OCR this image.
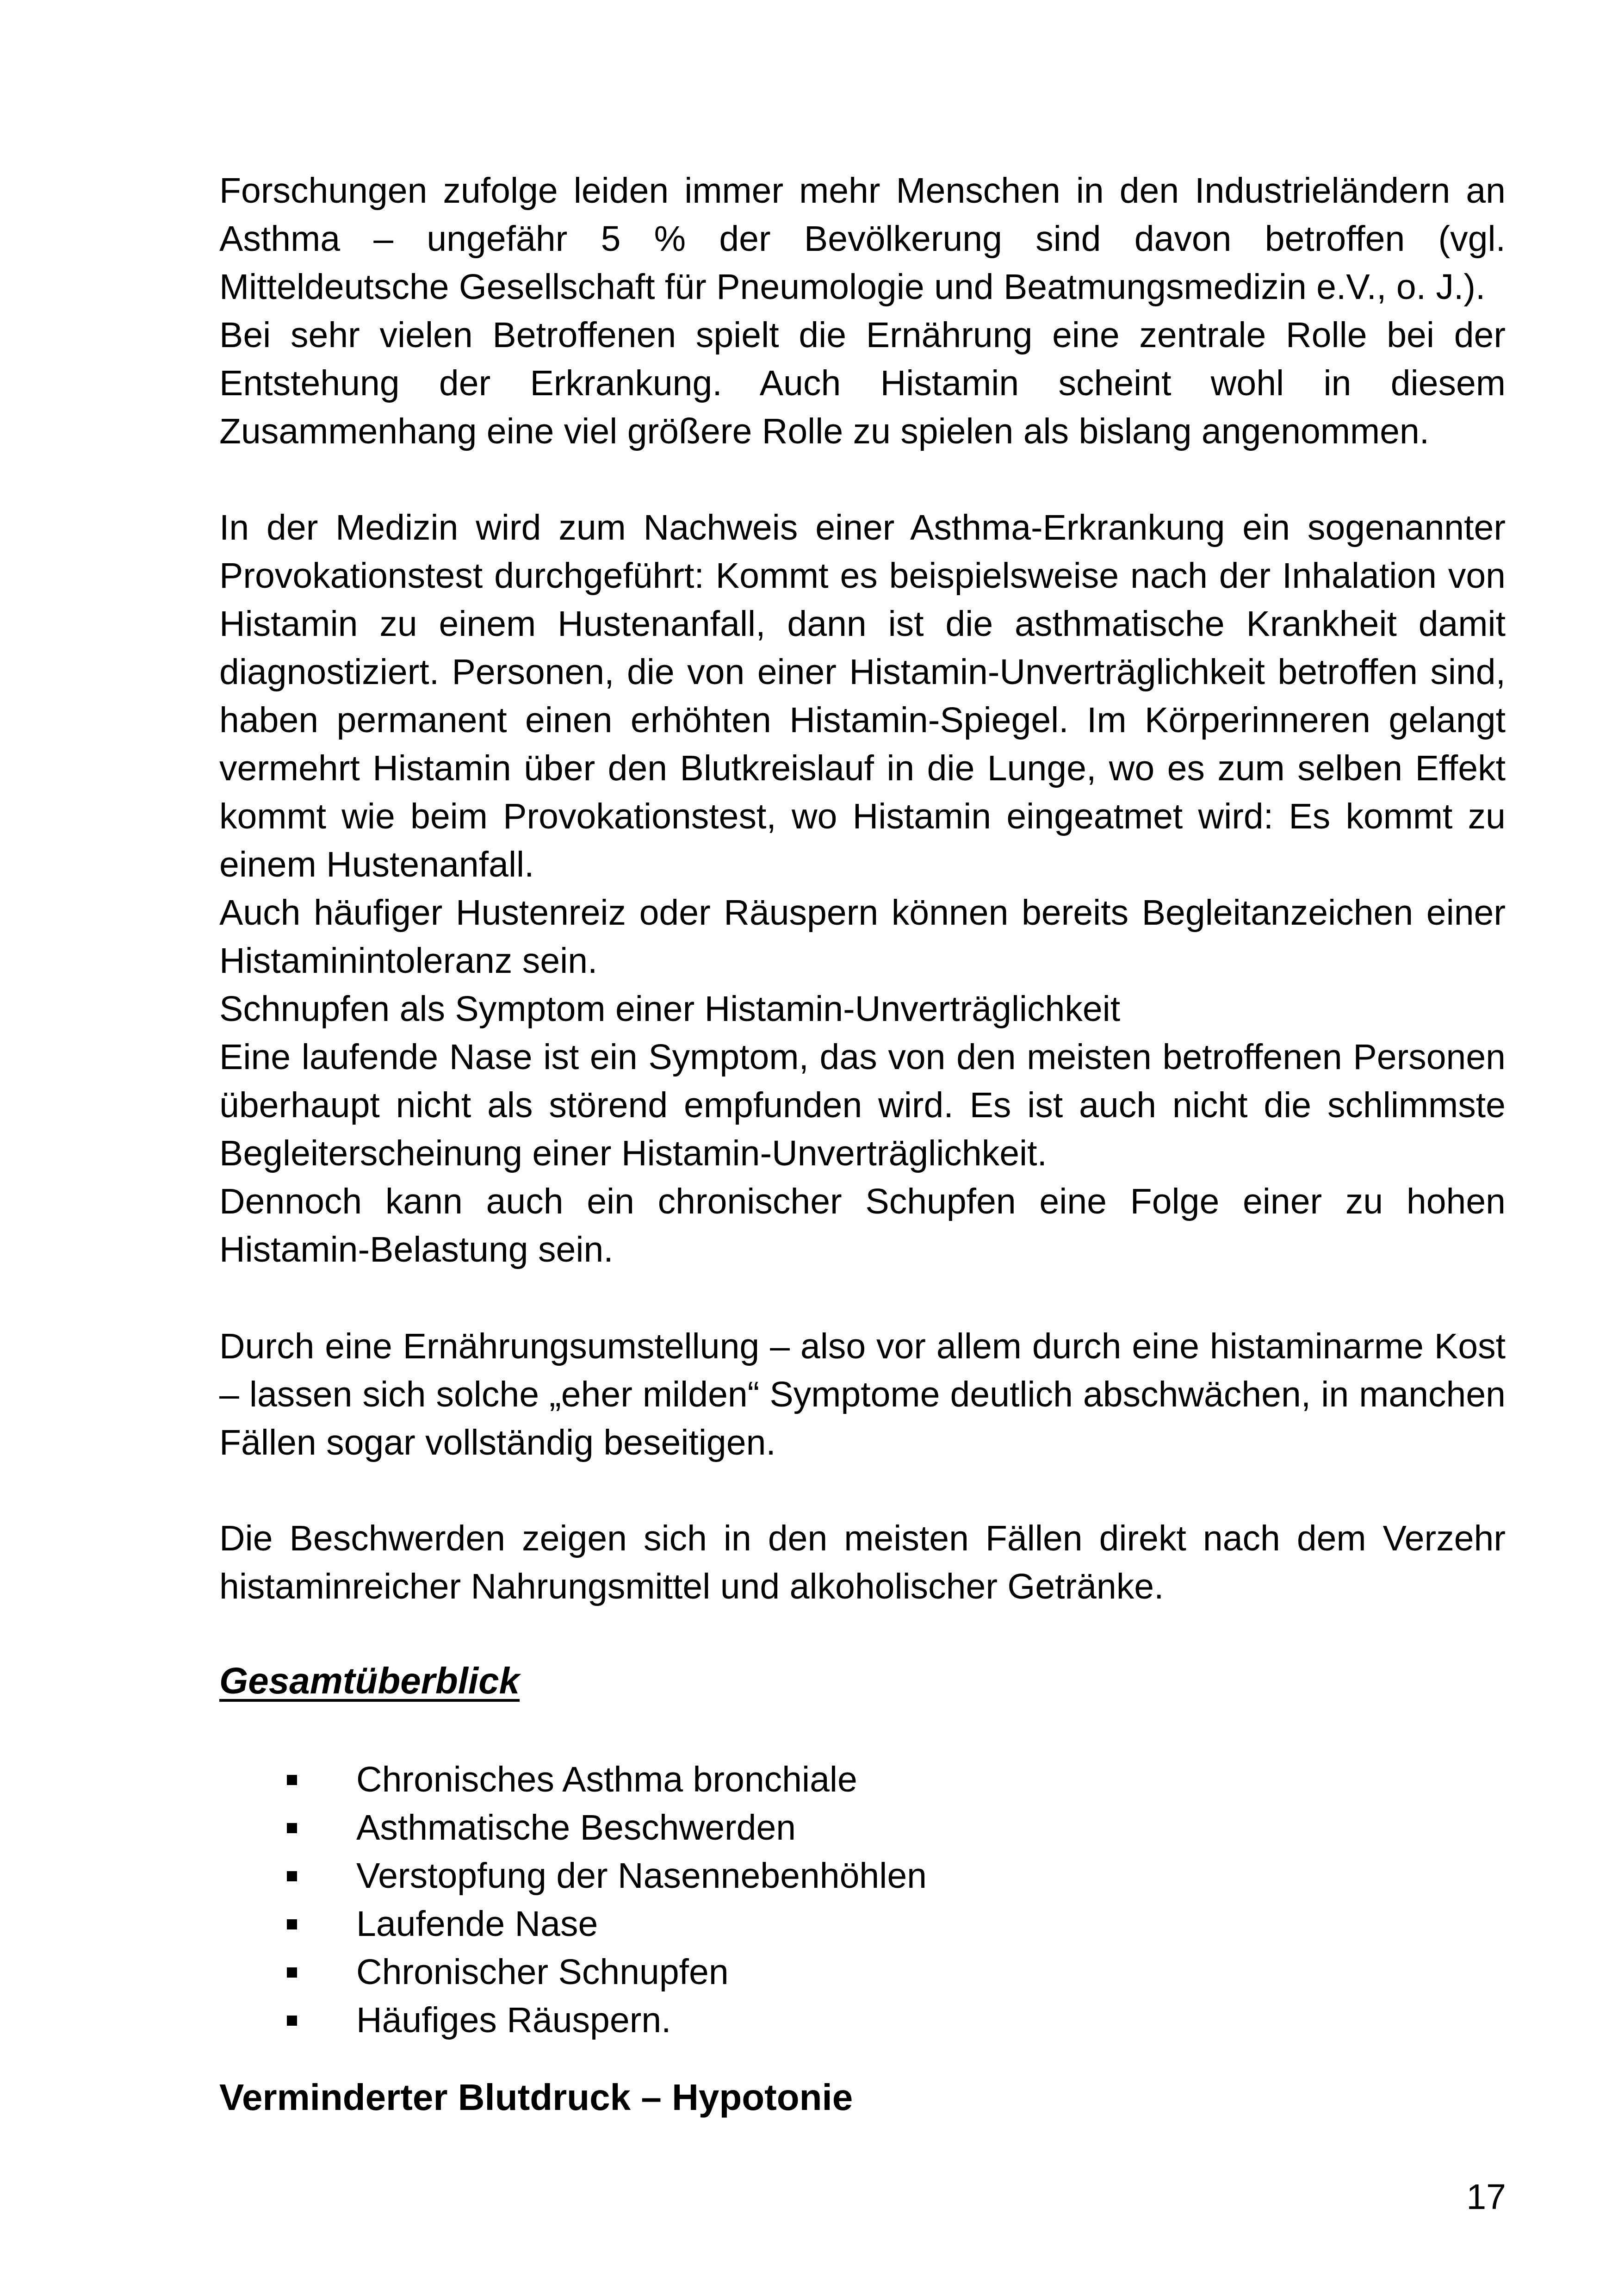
Forschungen zufolge leiden immer mehr Menschen in den Industrieländern an Asthma – ungefähr 5 % der Bevölkerung sind davon betroffen (vgl. Mitteldeutsche Gesellschaft für Pneumologie und Beatmungsmedizin e.V., o. J.).

Bei sehr vielen Betroffenen spielt die Ernährung eine zentrale Rolle bei der Entstehung der Erkrankung. Auch Histamin scheint wohl in diesem Zusammenhang eine viel größere Rolle zu spielen als bislang angenommen.

In der Medizin wird zum Nachweis einer Asthma-Erkrankung ein sogenannter Provokationstest durchgeführt: Kommt es beispielsweise nach der Inhalation von Histamin zu einem Hustenanfall, dann ist die asthmatische Krankheit damit diagnostiziert. Personen, die von einer Histamin-Unverträglichkeit betroffen sind, haben permanent einen erhöhten Histamin-Spiegel. Im Körperinneren gelangt vermehrt Histamin über den Blutkreislauf in die Lunge, wo es zum selben Effekt kommt wie beim Provokationstest, wo Histamin eingeatmet wird: Es kommt zu einem Hustenanfall.

Auch häufiger Hustenreiz oder Räuspern können bereits Begleitanzeichen einer Histaminintoleranz sein.

Schnupfen als Symptom einer Histamin-Unverträglichkeit

Eine laufende Nase ist ein Symptom, das von den meisten betroffenen Personen überhaupt nicht als störend empfunden wird. Es ist auch nicht die schlimmste Begleiterscheinung einer Histamin-Unverträglichkeit.

Dennoch kann auch ein chronischer Schupfen eine Folge einer zu hohen Histamin-Belastung sein.

Durch eine Ernährungsumstellung – also vor allem durch eine histaminarme Kost – lassen sich solche „eher milden“ Symptome deutlich abschwächen, in manchen Fällen sogar vollständig beseitigen.

Die Beschwerden zeigen sich in den meisten Fällen direkt nach dem Verzehr histaminreicher Nahrungsmittel und alkoholischer Getränke.

Gesamtüberblick
Chronisches Asthma bronchiale
Asthmatische Beschwerden
Verstopfung der Nasennebenhöhlen
Laufende Nase
Chronischer Schnupfen
Häufiges Räuspern.
Verminderter Blutdruck – Hypotonie
17
